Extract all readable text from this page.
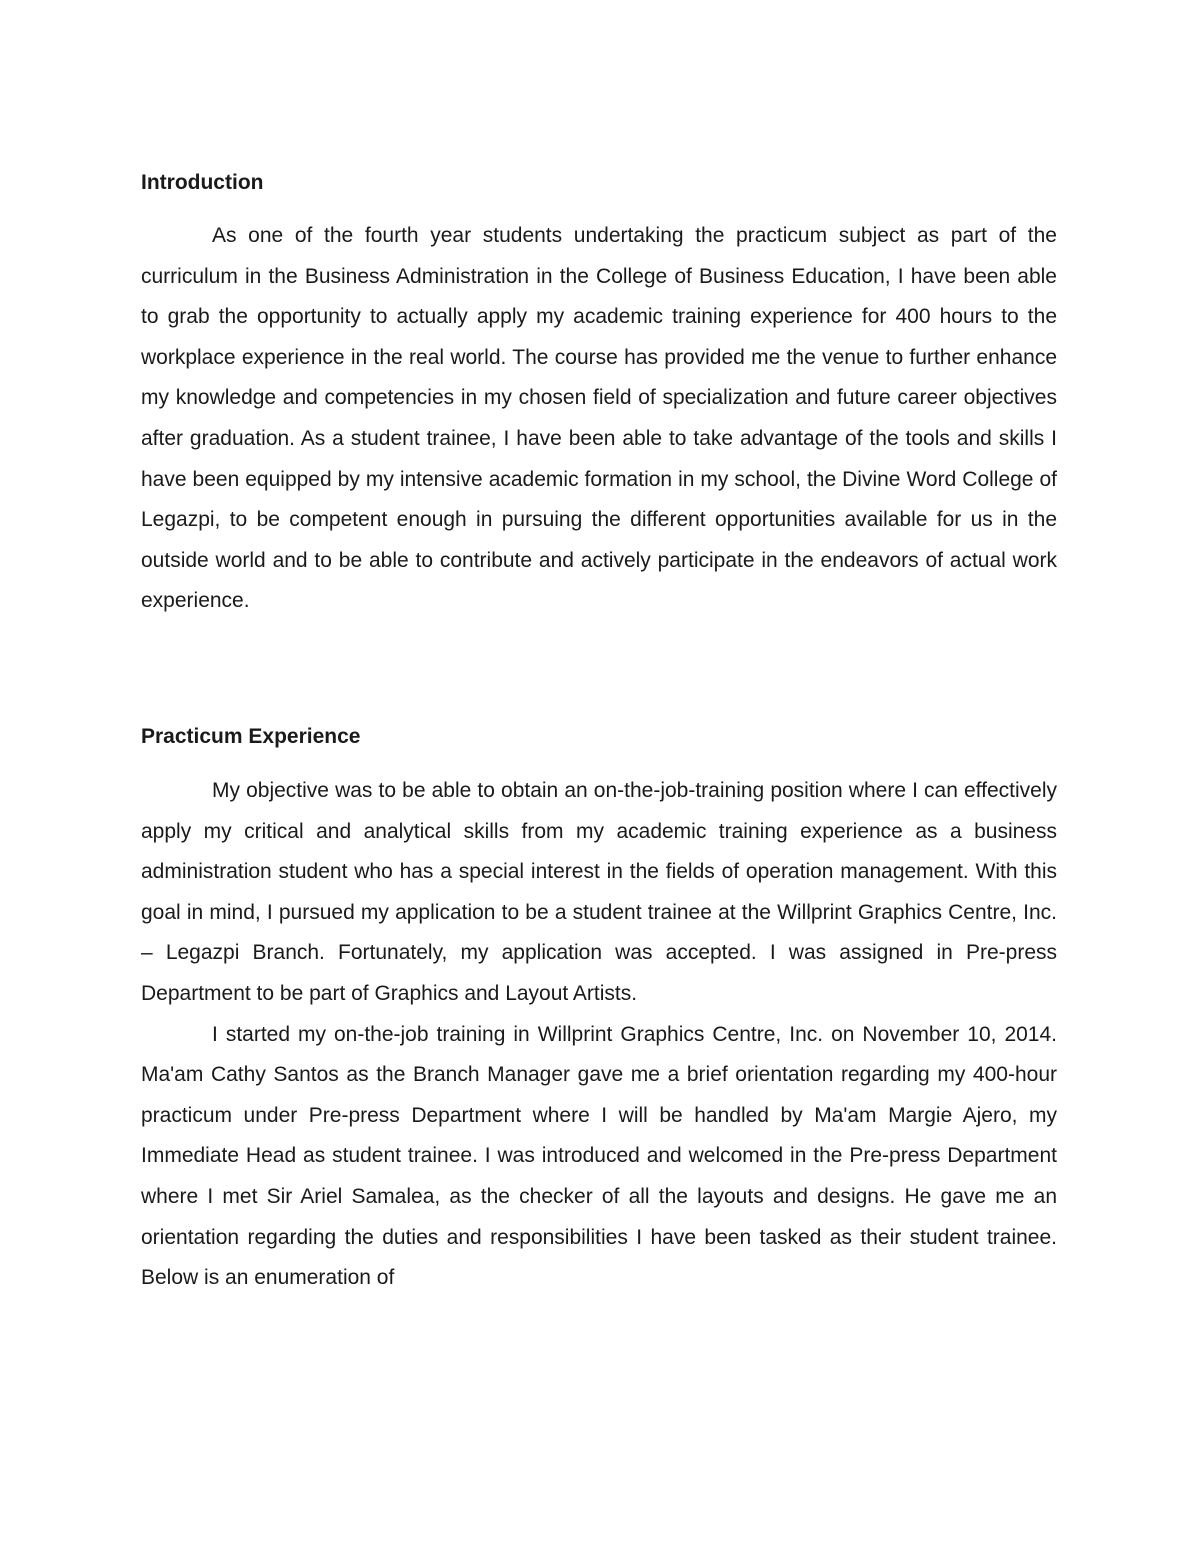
Introduction

As one of the fourth year students undertaking the practicum subject as part of the curriculum in the Business Administration in the College of Business Education, I have been able to grab the opportunity to actually apply my academic training experience for 400 hours to the workplace experience in the real world. The course has provided me the venue to further enhance my knowledge and competencies in my chosen field of specialization and future career objectives after graduation. As a student trainee, I have been able to take advantage of the tools and skills I have been equipped by my intensive academic formation in my school, the Divine Word College of Legazpi, to be competent enough in pursuing the different opportunities available for us in the outside world and to be able to contribute and actively participate in the endeavors of actual work experience.

Practicum Experience

My objective was to be able to obtain an on-the-job-training position where I can effectively apply my critical and analytical skills from my academic training experience as a business administration student who has a special interest in the fields of operation management. With this goal in mind, I pursued my application to be a student trainee at the Willprint Graphics Centre, Inc. – Legazpi Branch. Fortunately, my application was accepted. I was assigned in Pre-press Department to be part of Graphics and Layout Artists.

I started my on-the-job training in Willprint Graphics Centre, Inc. on November 10, 2014. Ma'am Cathy Santos as the Branch Manager gave me a brief orientation regarding my 400-hour practicum under Pre-press Department where I will be handled by Ma'am Margie Ajero, my Immediate Head as student trainee. I was introduced and welcomed in the Pre-press Department where I met Sir Ariel Samalea, as the checker of all the layouts and designs. He gave me an orientation regarding the duties and responsibilities I have been tasked as their student trainee. Below is an enumeration of
